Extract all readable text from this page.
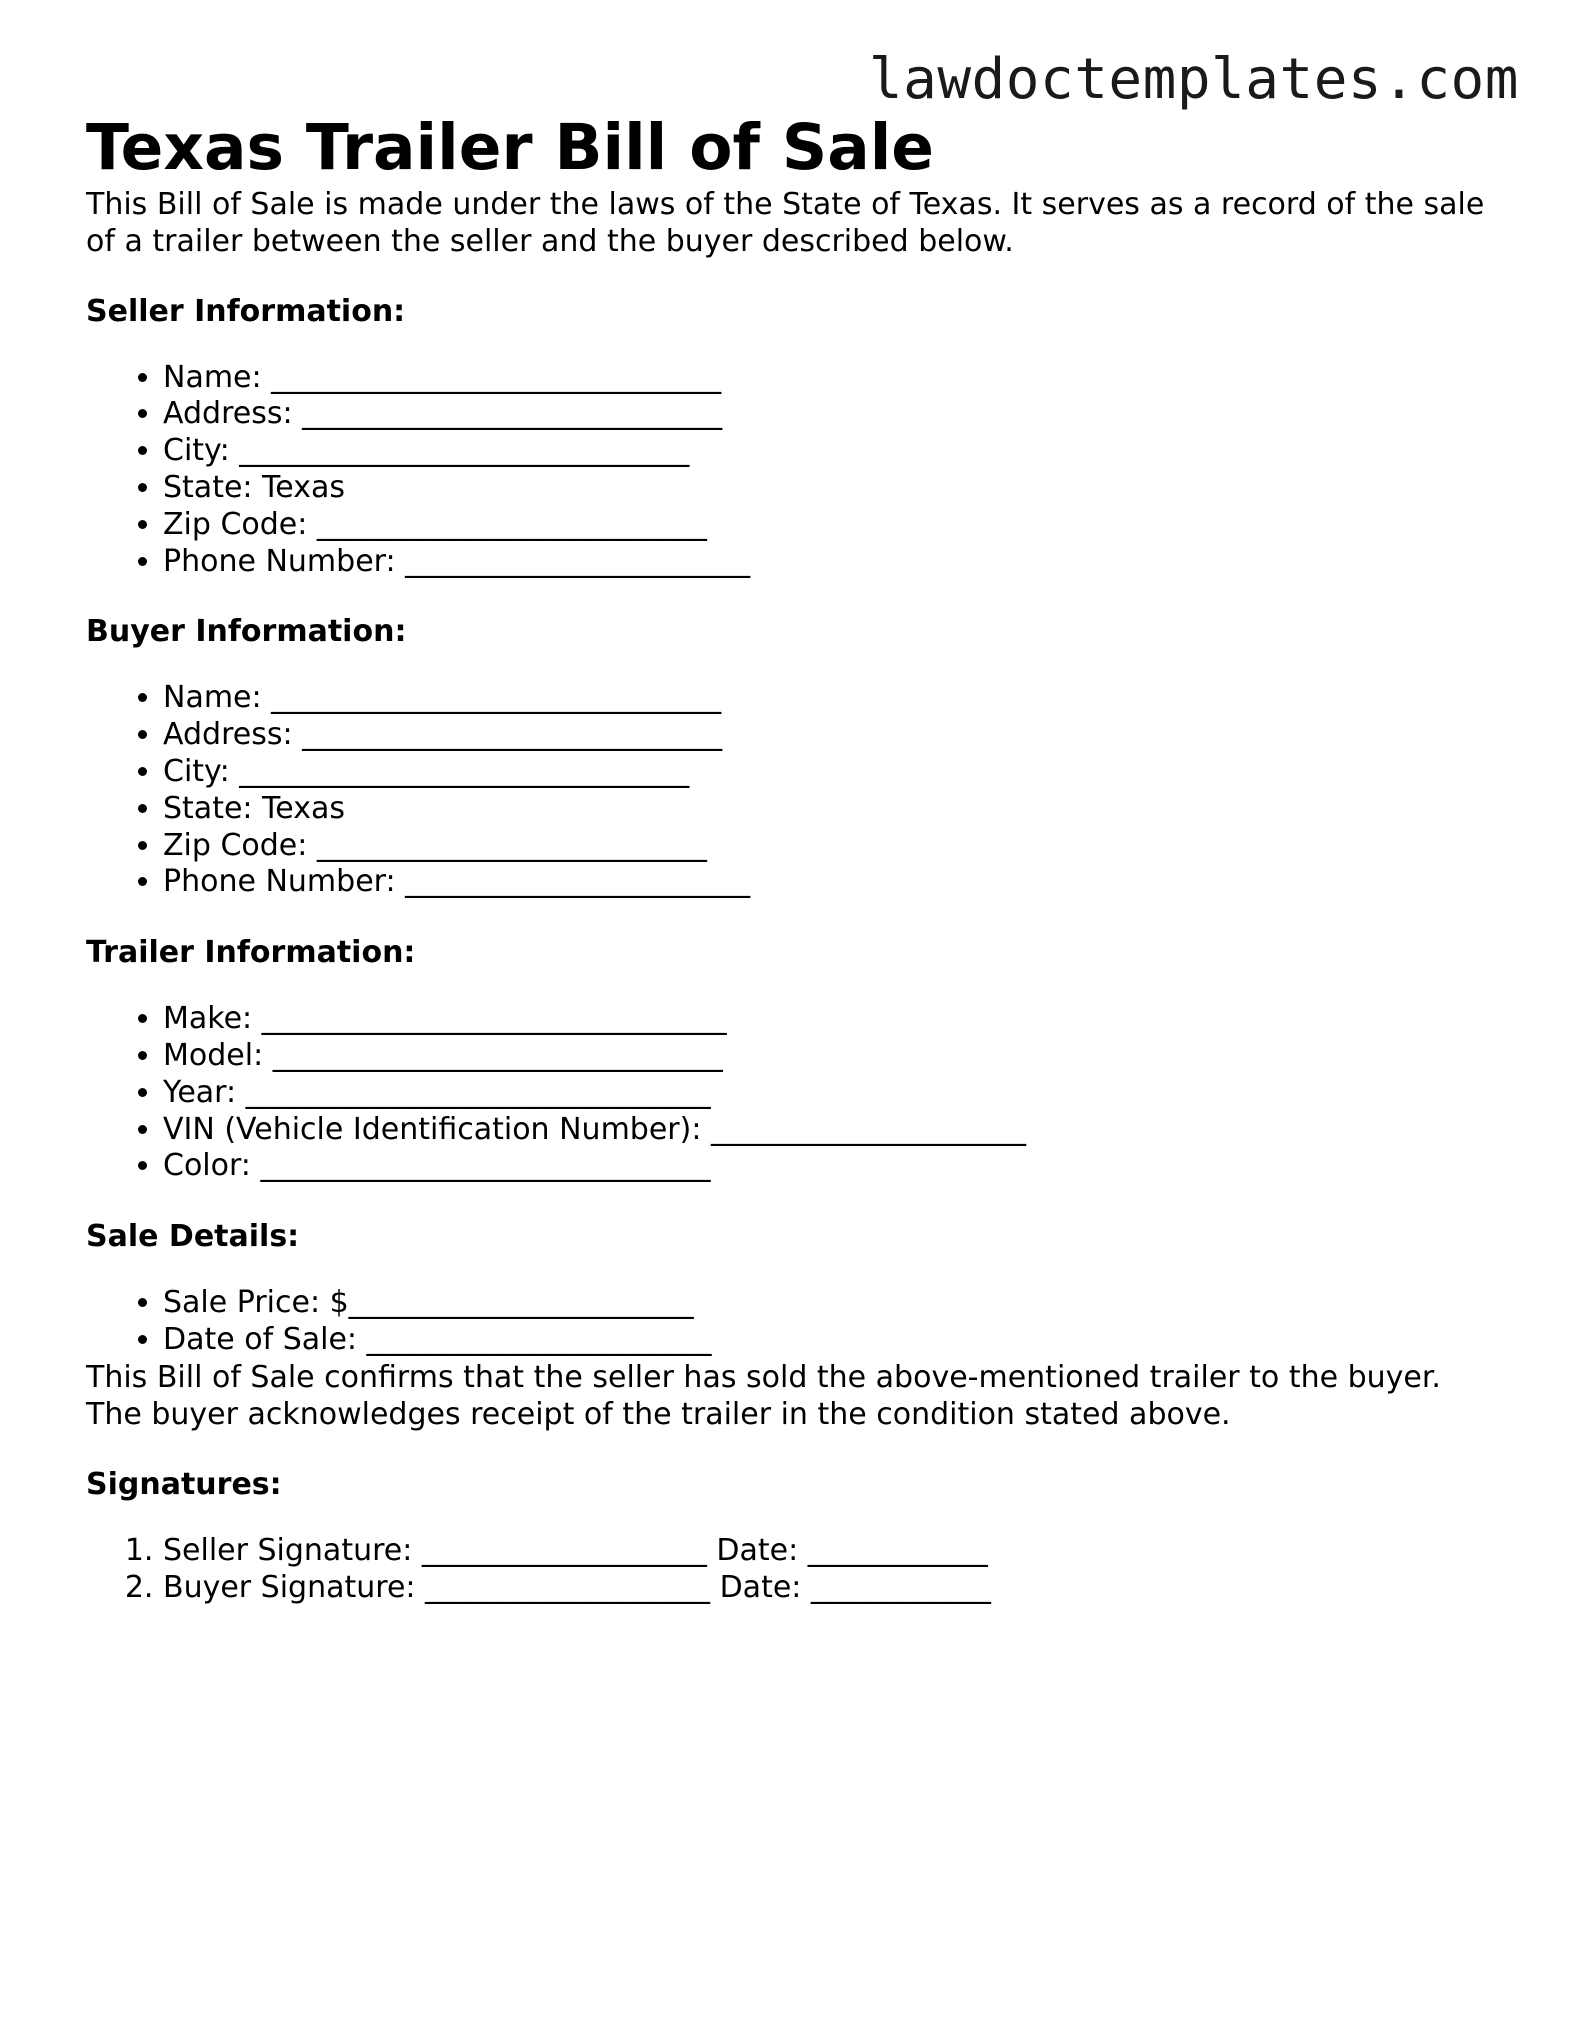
lawdoctemplates.com
Texas Trailer Bill of Sale

This Bill of Sale is made under the laws of the State of Texas. It serves as a record of the sale of a trailer between the seller and the buyer described below.

Seller Information:
• Name: ______________________________
• Address: ____________________________
• City: ______________________________
• State: Texas
• Zip Code: __________________________
• Phone Number: _______________________
Buyer Information:
• Name: ______________________________
• Address: ____________________________
• City: ______________________________
• State: Texas
• Zip Code: __________________________
• Phone Number: _______________________
Trailer Information:
• Make: _______________________________
• Model: ______________________________
• Year: _______________________________
• VIN (Vehicle Identification Number): _____________________
• Color: ______________________________
Sale Details:
• Sale Price: $_______________________
• Date of Sale: _______________________

This Bill of Sale confirms that the seller has sold the above-mentioned trailer to the buyer. The buyer acknowledges receipt of the trailer in the condition stated above.

Signatures:
1. Seller Signature: ___________________ Date: ____________
2. Buyer Signature: ___________________ Date: ____________
